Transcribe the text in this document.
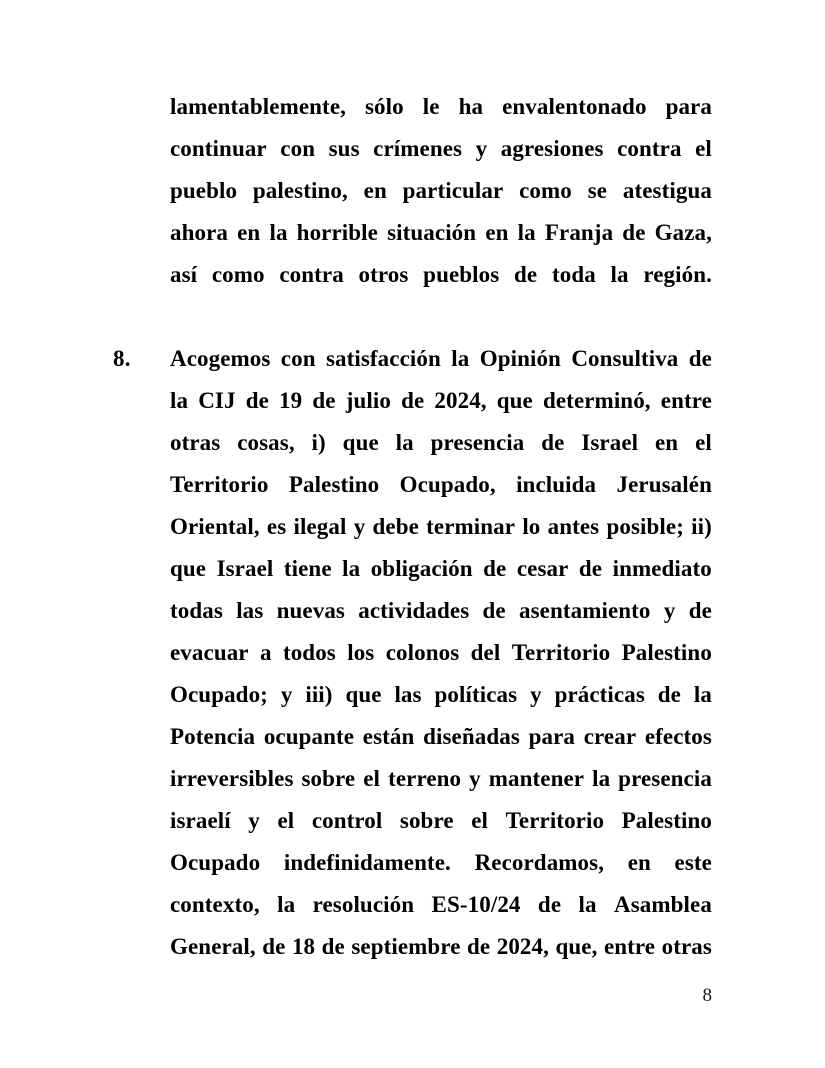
lamentablemente, sólo le ha envalentonado para
continuar con sus crímenes y agresiones contra el
pueblo palestino, en particular como se atestigua
ahora en la horrible situación en la Franja de Gaza,
así como contra otros pueblos de toda la región.
8.	Acogemos con satisfacción la Opinión Consultiva de
la CIJ de 19 de julio de 2024, que determinó, entre
otras cosas, i) que la presencia de Israel en el
Territorio Palestino Ocupado, incluida Jerusalén
Oriental, es ilegal y debe terminar lo antes posible; ii)
que Israel tiene la obligación de cesar de inmediato
todas las nuevas actividades de asentamiento y de
evacuar a todos los colonos del Territorio Palestino
Ocupado; y iii) que las políticas y prácticas de la
Potencia ocupante están diseñadas para crear efectos
irreversibles sobre el terreno y mantener la presencia
israelí y el control sobre el Territorio Palestino
Ocupado indefinidamente. Recordamos, en este
contexto, la resolución ES-10/24 de la Asamblea
General, de 18 de septiembre de 2024, que, entre otras
8
